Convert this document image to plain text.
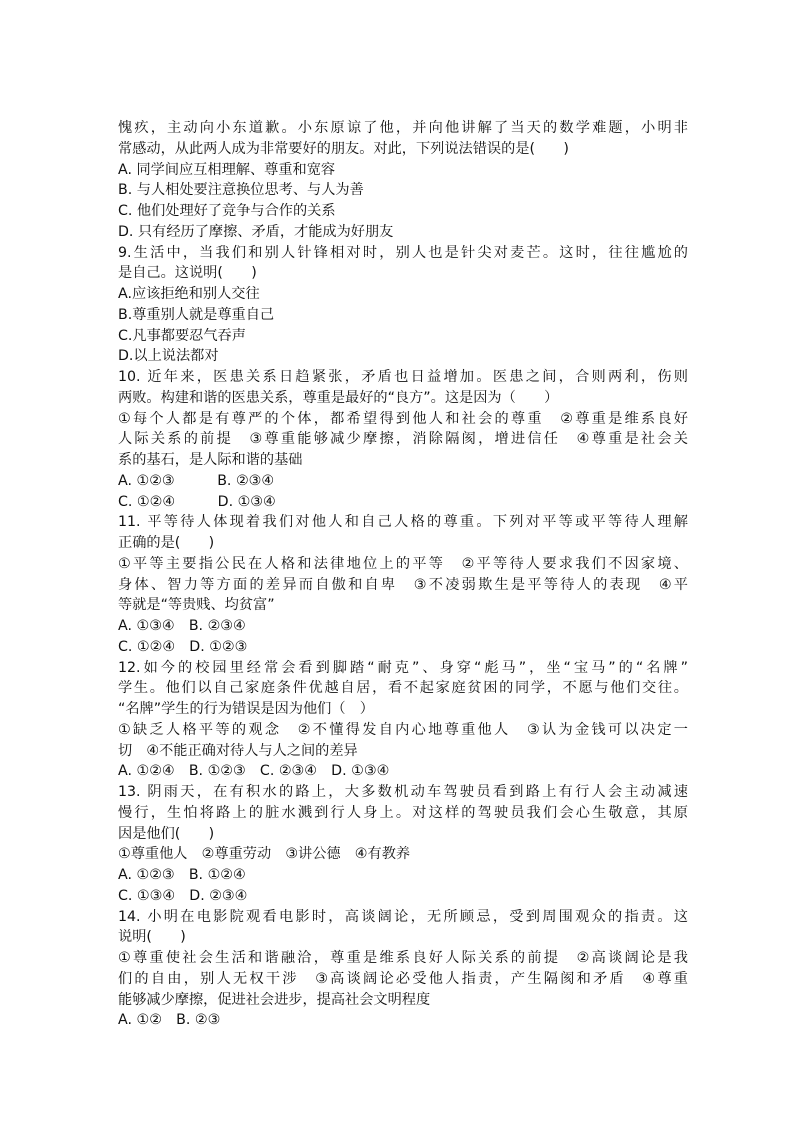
愧疚，主动向小东道歉。小东原谅了他，并向他讲解了当天的数学难题，小明非
常感动，从此两人成为非常要好的朋友。对此，下列说法错误的是(　　)
A. 同学间应互相理解、尊重和宽容
B. 与人相处要注意换位思考、与人为善
C. 他们处理好了竞争与合作的关系
D. 只有经历了摩擦、矛盾，才能成为好朋友
9.生活中，当我们和别人针锋相对时，别人也是针尖对麦芒。这时，往往尴尬的
是自己。这说明(　　)
A.应该拒绝和别人交往
B.尊重别人就是尊重自己
C.凡事都要忍气吞声
D.以上说法都对
10. 近年来，医患关系日趋紧张，矛盾也日益增加。医患之间，合则两利，伤则
两败。构建和谐的医患关系，尊重是最好的“良方”。这是因为（　　）
①每个人都是有尊严的个体，都希望得到他人和社会的尊重　②尊重是维系良好
人际关系的前提　③尊重能够减少摩擦，消除隔阂，增进信任　④尊重是社会关
系的基石，是人际和谐的基础
A. ①②③　　　B. ②③④
C. ①②④　　　D. ①③④
11. 平等待人体现着我们对他人和自己人格的尊重。下列对平等或平等待人理解
正确的是(　　)
①平等主要指公民在人格和法律地位上的平等　②平等待人要求我们不因家境、
身体、智力等方面的差异而自傲和自卑　③不凌弱欺生是平等待人的表现　④平
等就是“等贵贱、均贫富”
A. ①③④　B. ②③④
C. ①②④　D. ①②③
12.如今的校园里经常会看到脚踏“耐克”、身穿“彪马”，坐“宝马”的“名牌”
学生。他们以自己家庭条件优越自居，看不起家庭贫困的同学，不愿与他们交往。
“名牌”学生的行为错误是因为他们（　）
①缺乏人格平等的观念　②不懂得发自内心地尊重他人　③认为金钱可以决定一
切　④不能正确对待人与人之间的差异
A. ①②④　B. ①②③　C. ②③④　D. ①③④
13. 阴雨天，在有积水的路上，大多数机动车驾驶员看到路上有行人会主动减速
慢行，生怕将路上的脏水溅到行人身上。对这样的驾驶员我们会心生敬意，其原
因是他们(　　)
①尊重他人　②尊重劳动　③讲公德　④有教养
A. ①②③　B. ①②④
C. ①③④　D. ②③④
14. 小明在电影院观看电影时，高谈阔论，无所顾忌，受到周围观众的指责。这
说明(　　)
①尊重使社会生活和谐融洽，尊重是维系良好人际关系的前提　②高谈阔论是我
们的自由，别人无权干涉　③高谈阔论必受他人指责，产生隔阂和矛盾　④尊重
能够减少摩擦，促进社会进步，提高社会文明程度
A. ①②　B. ②③
